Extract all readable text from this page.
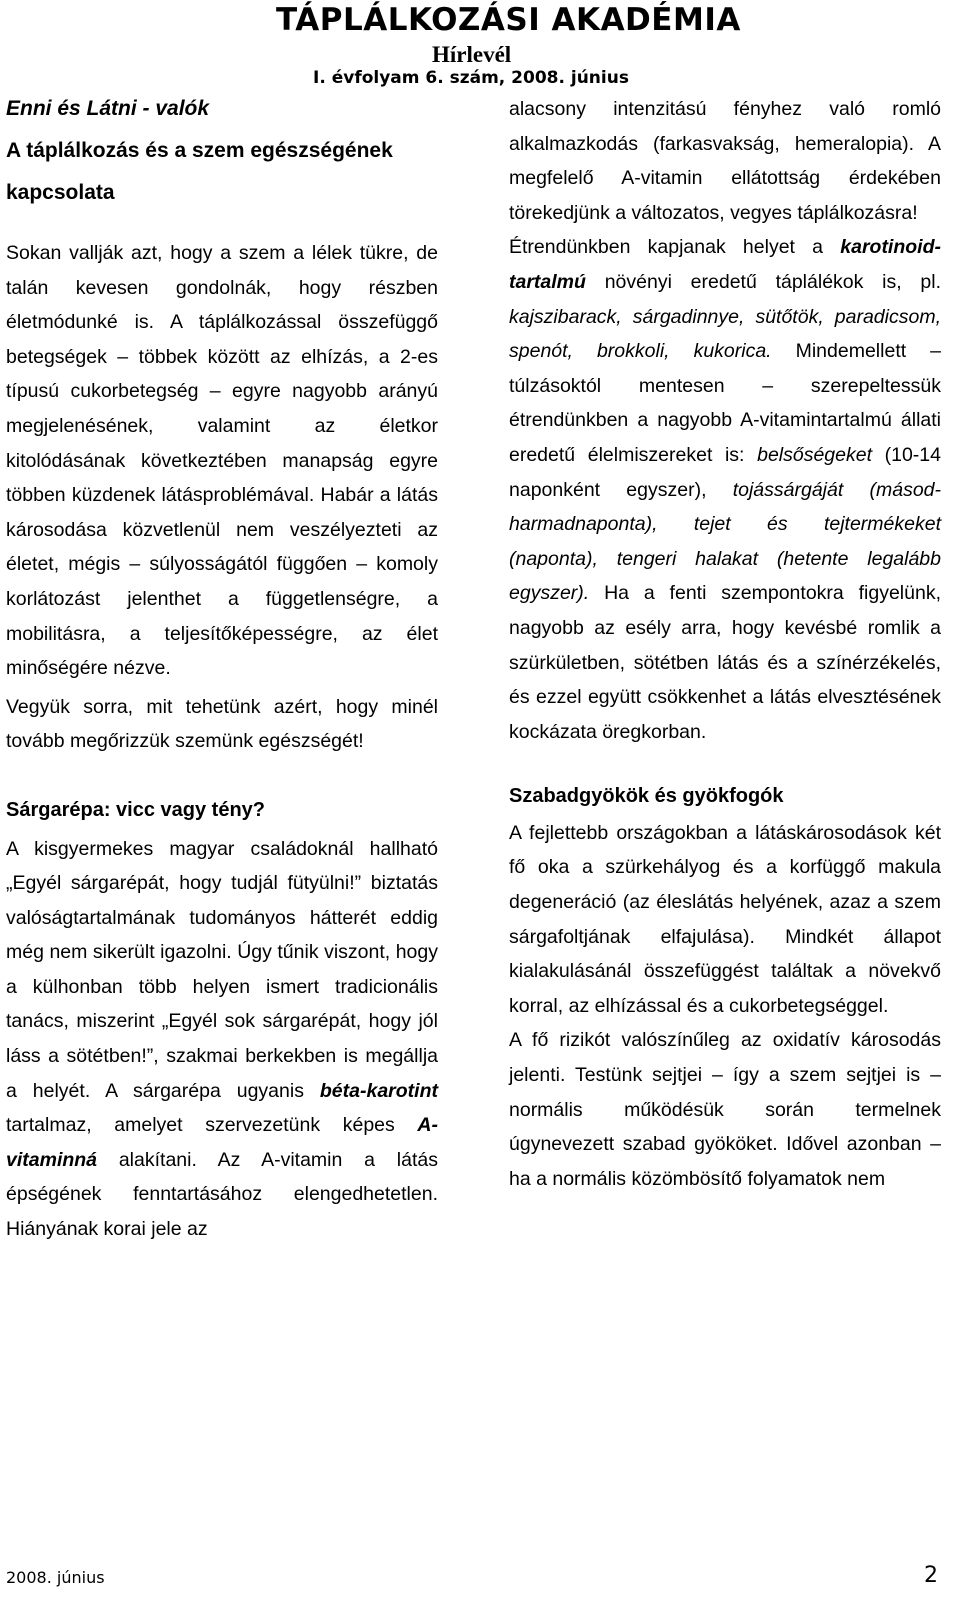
TÁPLÁLKOZÁSI AKADÉMIA
Hírlevél
I. évfolyam 6. szám, 2008. június
Enni és Látni - valók
A táplálkozás és a szem egészségének kapcsolata

Sokan vallják azt, hogy a szem a lélek tükre, de talán kevesen gondolnák, hogy részben életmódunké is. A táplálkozással összefüggő betegségek – többek között az elhízás, a 2-es típusú cukorbetegség – egyre nagyobb arányú megjelenésének, valamint az életkor kitolódásának következtében manapság egyre többen küzdenek látásproblémával. Habár a látás károsodása közvetlenül nem veszélyezteti az életet, mégis – súlyosságától függően – komoly korlátozást jelenthet a függetlenségre, a mobilitásra, a teljesítőképességre, az élet minőségére nézve.

Vegyük sorra, mit tehetünk azért, hogy minél tovább megőrizzük szemünk egészségét!

Sárgarépa: vicc vagy tény?

A kisgyermekes magyar családoknál hallható „Egyél sárgarépát, hogy tudjál fütyülni!” biztatás valóságtartalmának tudományos hátterét eddig még nem sikerült igazolni. Úgy tűnik viszont, hogy a külhonban több helyen ismert tradicionális tanács, miszerint „Egyél sok sárgarépát, hogy jól láss a sötétben!”, szakmai berkekben is megállja a helyét. A sárgarépa ugyanis béta-karotint tartalmaz, amelyet szervezetünk képes A-vitaminná alakítani. Az A-vitamin a látás épségének fenntartásához elengedhetetlen. Hiányának korai jele az

alacsony intenzitású fényhez való romló alkalmazkodás (farkasvakság, hemeralopia). A megfelelő A-vitamin ellátottság érdekében törekedjünk a változatos, vegyes táplálkozásra!

Étrendünkben kapjanak helyet a karotinoid-tartalmú növényi eredetű táplálékok is, pl. kajszibarack, sárgadinnye, sütőtök, paradicsom, spenót, brokkoli, kukorica. Mindemellett – túlzásoktól mentesen – szerepeltessük étrendünkben a nagyobb A-vitamintartalmú állati eredetű élelmiszereket is: belsőségeket (10-14 naponként egyszer), tojássárgáját (másod- harmadnaponta), tejet és tejtermékeket (naponta), tengeri halakat (hetente legalább egyszer). Ha a fenti szempontokra figyelünk, nagyobb az esély arra, hogy kevésbé romlik a szürkületben, sötétben látás és a színérzékelés, és ezzel együtt csökkenhet a látás elvesztésének kockázata öregkorban.

Szabadgyökök és gyökfogók

A fejlettebb országokban a látáskárosodások két fő oka a szürkehályog és a korfüggő makula degeneráció (az éleslátás helyének, azaz a szem sárgafoltjának elfajulása). Mindkét állapot kialakulásánál összefüggést találtak a növekvő korral, az elhízással és a cukorbetegséggel.

A fő rizikót valószínűleg az oxidatív károsodás jelenti. Testünk sejtjei – így a szem sejtjei is – normális működésük során termelnek úgynevezett szabad gyököket. Idővel azonban – ha a normális közömbösítő folyamatok nem

2008. június	2
